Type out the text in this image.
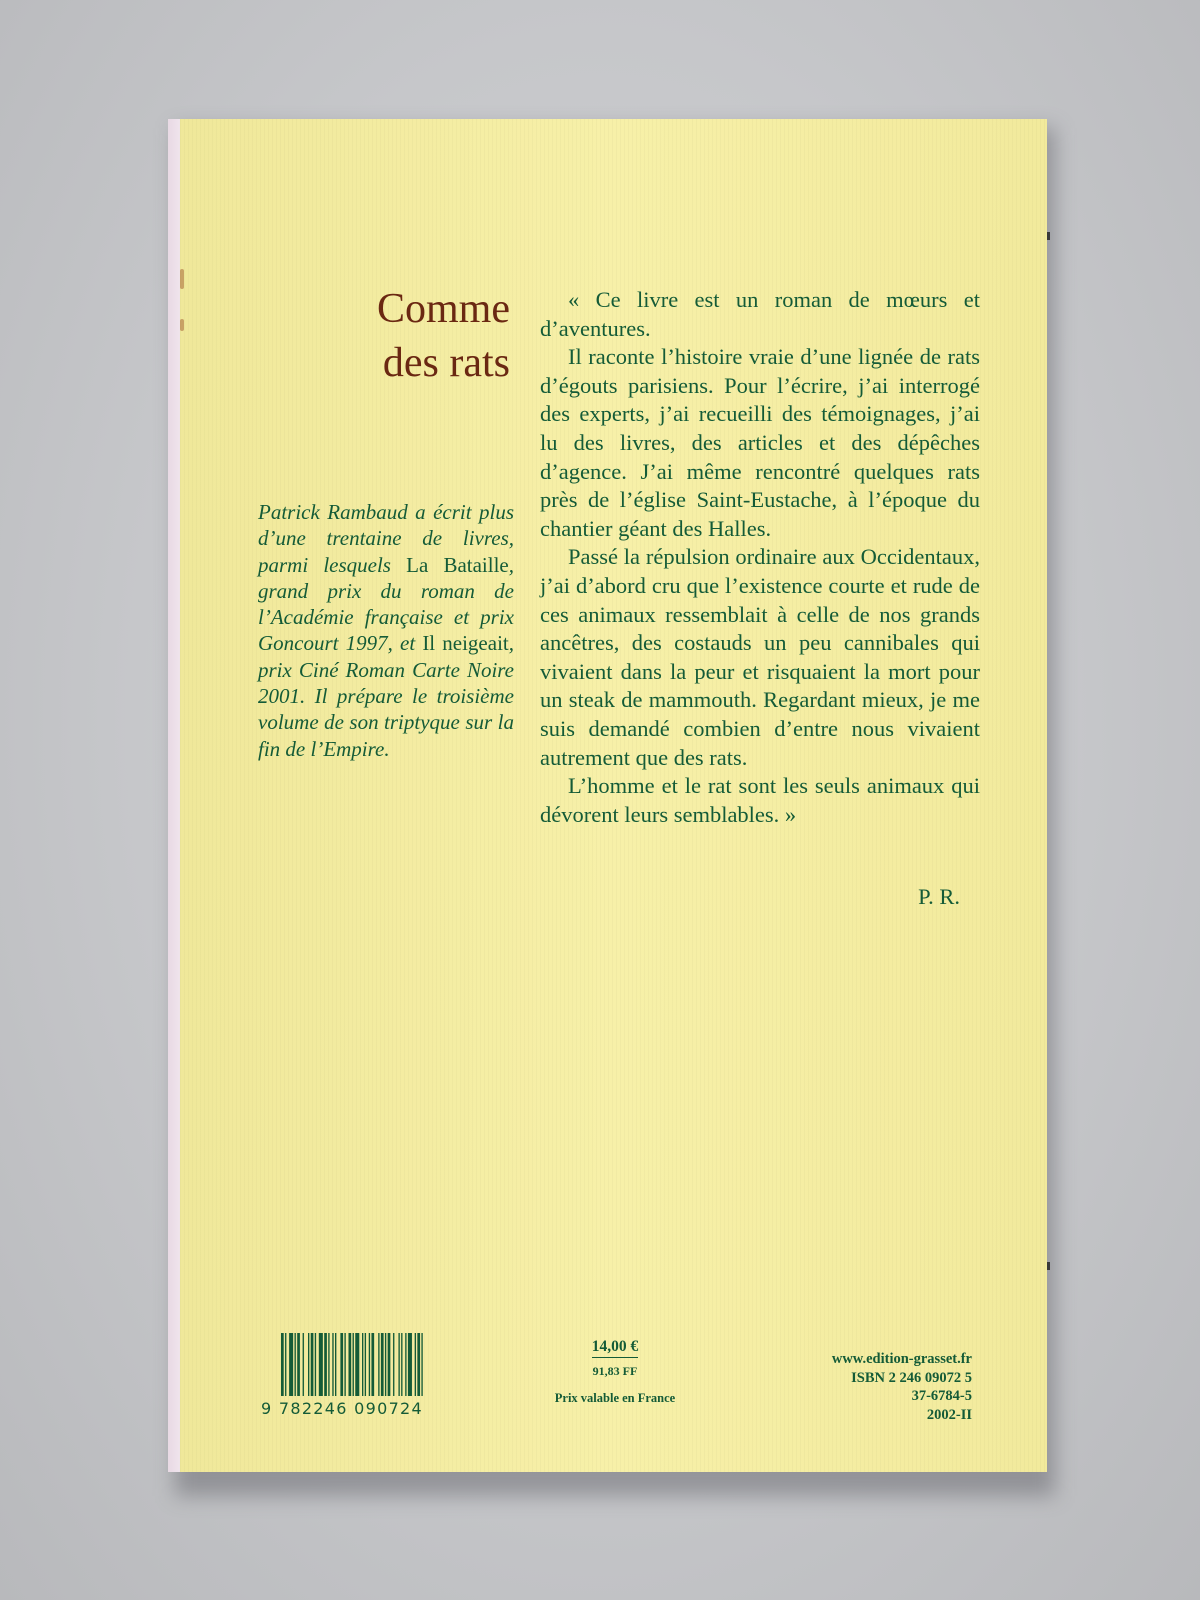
Comme
des rats
Patrick Rambaud a écrit plus d’une trentaine de livres, parmi lesquels La Bataille, grand prix du roman de l’Académie française et prix Goncourt 1997, et Il neigeait, prix Ciné Roman Carte Noire 2001. Il prépare le troisième volume de son triptyque sur la fin de l’Empire.

« Ce livre est un roman de mœurs et d’aventures.

Il raconte l’histoire vraie d’une lignée de rats d’égouts parisiens. Pour l’écrire, j’ai interrogé des experts, j’ai recueilli des témoignages, j’ai lu des livres, des articles et des dépêches d’agence. J’ai même rencontré quelques rats près de l’église Saint-Eustache, à l’époque du chantier géant des Halles.

Passé la répulsion ordinaire aux Occidentaux, j’ai d’abord cru que l’existence courte et rude de ces animaux ressemblait à celle de nos grands ancêtres, des costauds un peu cannibales qui vivaient dans la peur et risquaient la mort pour un steak de mammouth. Regardant mieux, je me suis demandé combien d’entre nous vivaient autrement que des rats.

L’homme et le rat sont les seuls animaux qui dévorent leurs semblables. »

P. R.
9 782246 090724
14,00 €
91,83 FF
Prix valable en France
www.edition-grasset.fr
ISBN 2 246 09072 5
37-6784-5
2002-II
